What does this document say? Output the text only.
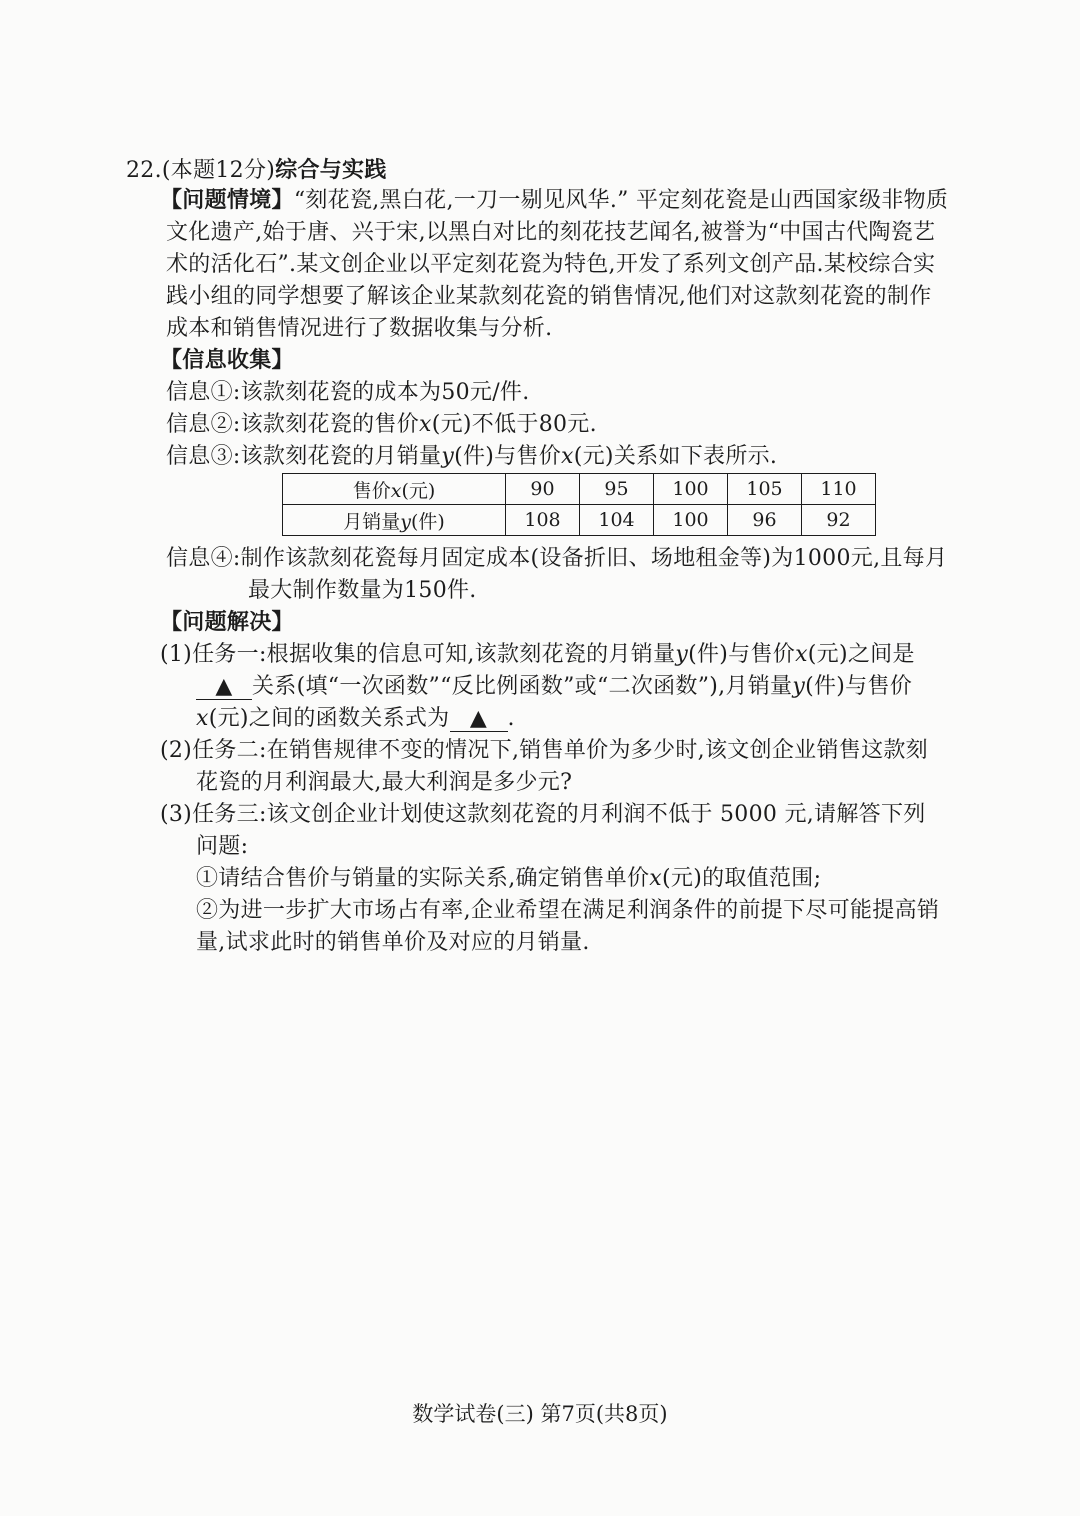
22.(本题12分)综合与实践
【问题情境】“刻花瓷,黑白花,一刀一剔见风华.” 平定刻花瓷是山西国家级非物质
文化遗产,始于唐、兴于宋,以黑白对比的刻花技艺闻名,被誉为“中国古代陶瓷艺
术的活化石”.某文创企业以平定刻花瓷为特色,开发了系列文创产品.某校综合实
践小组的同学想要了解该企业某款刻花瓷的销售情况,他们对这款刻花瓷的制作
成本和销售情况进行了数据收集与分析.
【信息收集】
信息①:该款刻花瓷的成本为50元/件.
信息②:该款刻花瓷的售价x(元)不低于80元.
信息③:该款刻花瓷的月销量y(件)与售价x(元)关系如下表所示.
售价x(元)	90	95	100	105	110
月销量y(件)	108	104	100	96	92
信息④:制作该款刻花瓷每月固定成本(设备折旧、场地租金等)为1000元,且每月
最大制作数量为150件.
【问题解决】
(1)任务一:根据收集的信息可知,该款刻花瓷的月销量y(件)与售价x(元)之间是
▲ 关系(填“一次函数”“反比例函数”或“二次函数”),月销量y(件)与售价
x(元)之间的函数关系式为 ▲ .
(2)任务二:在销售规律不变的情况下,销售单价为多少时,该文创企业销售这款刻
花瓷的月利润最大,最大利润是多少元?
(3)任务三:该文创企业计划使这款刻花瓷的月利润不低于 5000 元,请解答下列
问题:
①请结合售价与销量的实际关系,确定销售单价x(元)的取值范围;
②为进一步扩大市场占有率,企业希望在满足利润条件的前提下尽可能提高销
量,试求此时的销售单价及对应的月销量.
数学试卷(三) 第7页(共8页)
